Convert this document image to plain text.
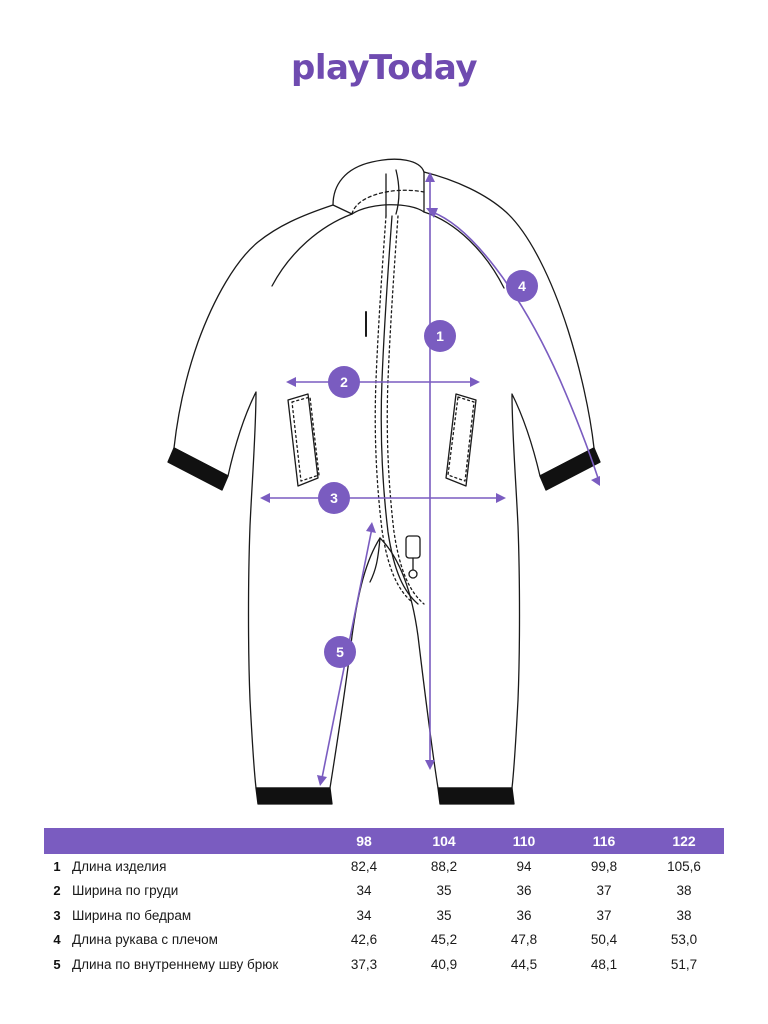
playToday
1
2
3
4
5
		98	104	110	116	122
1	Длина изделия	82,4	88,2	94	99,8	105,6
2	Ширина по груди	34	35	36	37	38
3	Ширина по бедрам	34	35	36	37	38
4	Длина рукава с плечом	42,6	45,2	47,8	50,4	53,0
5	Длина по внутреннему шву брюк	37,3	40,9	44,5	48,1	51,7
